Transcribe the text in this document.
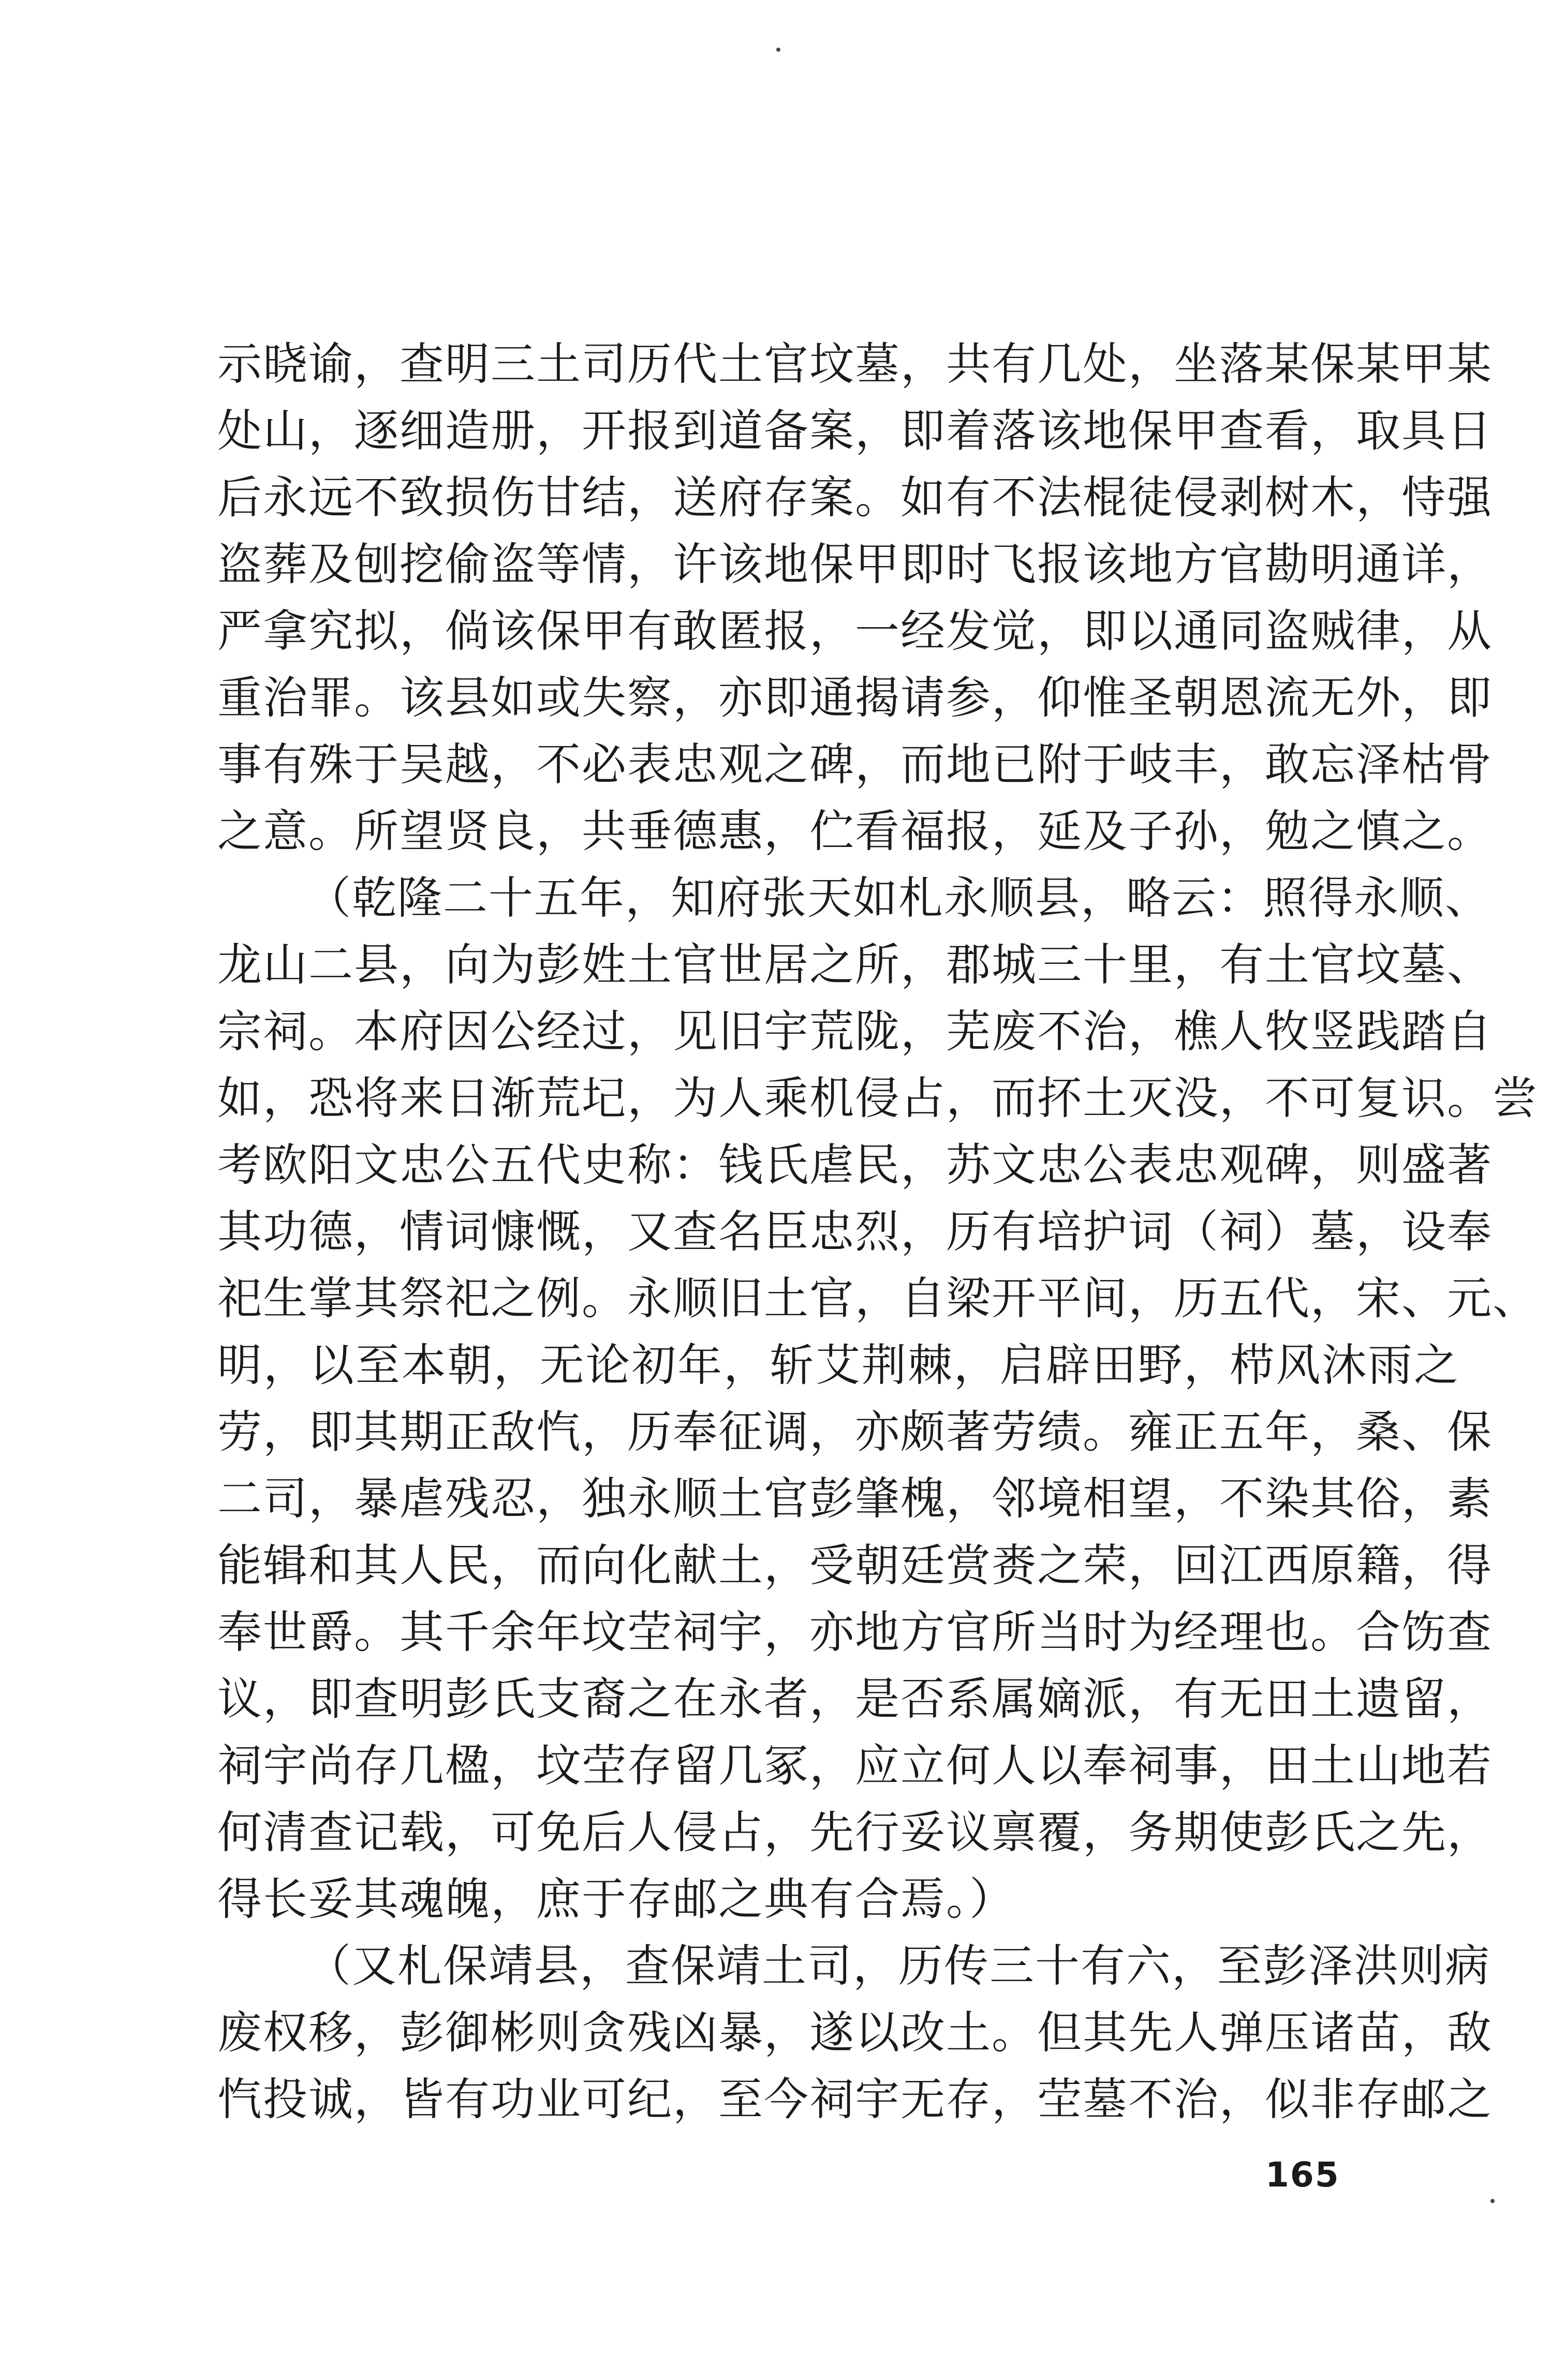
示晓谕，查明三土司历代土官坟墓，共有几处，坐落某保某甲某
处山，逐细造册，开报到道备案，即着落该地保甲查看，取具日
后永远不致损伤甘结，送府存案。如有不法棍徒侵剥树木，恃强
盗葬及刨挖偷盗等情，许该地保甲即时飞报该地方官勘明通详，
严拿究拟，倘该保甲有敢匿报，一经发觉，即以通同盗贼律，从
重治罪。该县如或失察，亦即通揭请参，仰惟圣朝恩流无外，即
事有殊于吴越，不必表忠观之碑，而地已附于岐丰，敢忘泽枯骨
之意。所望贤良，共垂德惠，伫看福报，延及子孙，勉之慎之。
（乾隆二十五年，知府张天如札永顺县，略云：照得永顺、
龙山二县，向为彭姓土官世居之所，郡城三十里，有土官坟墓、
宗祠。本府因公经过，见旧宇荒陇，芜废不治，樵人牧竖践踏自
如，恐将来日渐荒圮，为人乘机侵占，而抔土灭没，不可复识。尝
考欧阳文忠公五代史称：钱氏虐民，苏文忠公表忠观碑，则盛著
其功德，情词慷慨，又查名臣忠烈，历有培护词（祠）墓，设奉
祀生掌其祭祀之例。永顺旧土官，自梁开平间，历五代，宋、元、
明，以至本朝，无论初年，斩艾荆棘，启辟田野，栉风沐雨之
劳，即其期正敌忾，历奉征调，亦颇著劳绩。雍正五年，桑、保
二司，暴虐残忍，独永顺土官彭肇槐，邻境相望，不染其俗，素
能辑和其人民，而向化献土，受朝廷赏赉之荣，回江西原籍，得
奉世爵。其千余年坟茔祠宇，亦地方官所当时为经理也。合饬查
议，即查明彭氏支裔之在永者，是否系属嫡派，有无田土遗留，
祠宇尚存几楹，坟茔存留几冢，应立何人以奉祠事，田土山地若
何清查记载，可免后人侵占，先行妥议禀覆，务期使彭氏之先，
得长妥其魂魄，庶于存邮之典有合焉。）
（又札保靖县，查保靖土司，历传三十有六，至彭泽洪则病
废权移，彭御彬则贪残凶暴，遂以改土。但其先人弹压诸苗，敌
忾投诚，皆有功业可纪，至今祠宇无存，茔墓不治，似非存邮之
165
